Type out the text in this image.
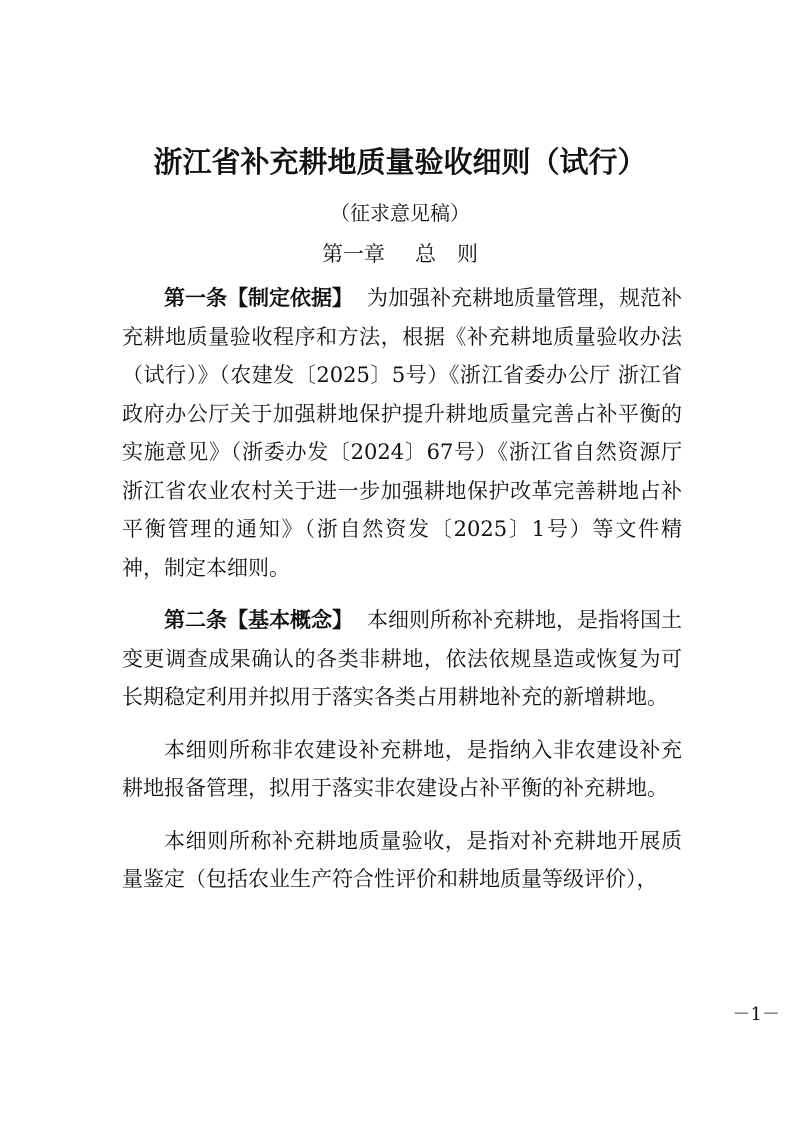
浙江省补充耕地质量验收细则（试行）
（征求意见稿）
第一章 总　则

第一条【制定依据】 为加强补充耕地质量管理，规范补充耕地质量验收程序和方法，根据《补充耕地质量验收办法（试行）》（农建发〔2025〕5号）《浙江省委办公厅 浙江省政府办公厅关于加强耕地保护提升耕地质量完善占补平衡的实施意见》（浙委办发〔2024〕67号）《浙江省自然资源厅 浙江省农业农村关于进一步加强耕地保护改革完善耕地占补平衡管理的通知》（浙自然资发〔2025〕1号）等文件精神，制定本细则。

第二条【基本概念】 本细则所称补充耕地，是指将国土变更调查成果确认的各类非耕地，依法依规垦造或恢复为可长期稳定利用并拟用于落实各类占用耕地补充的新增耕地。

本细则所称非农建设补充耕地，是指纳入非农建设补充耕地报备管理，拟用于落实非农建设占补平衡的补充耕地。

本细则所称补充耕地质量验收，是指对补充耕地开展质量鉴定（包括农业生产符合性评价和耕地质量等级评价），

－1－
